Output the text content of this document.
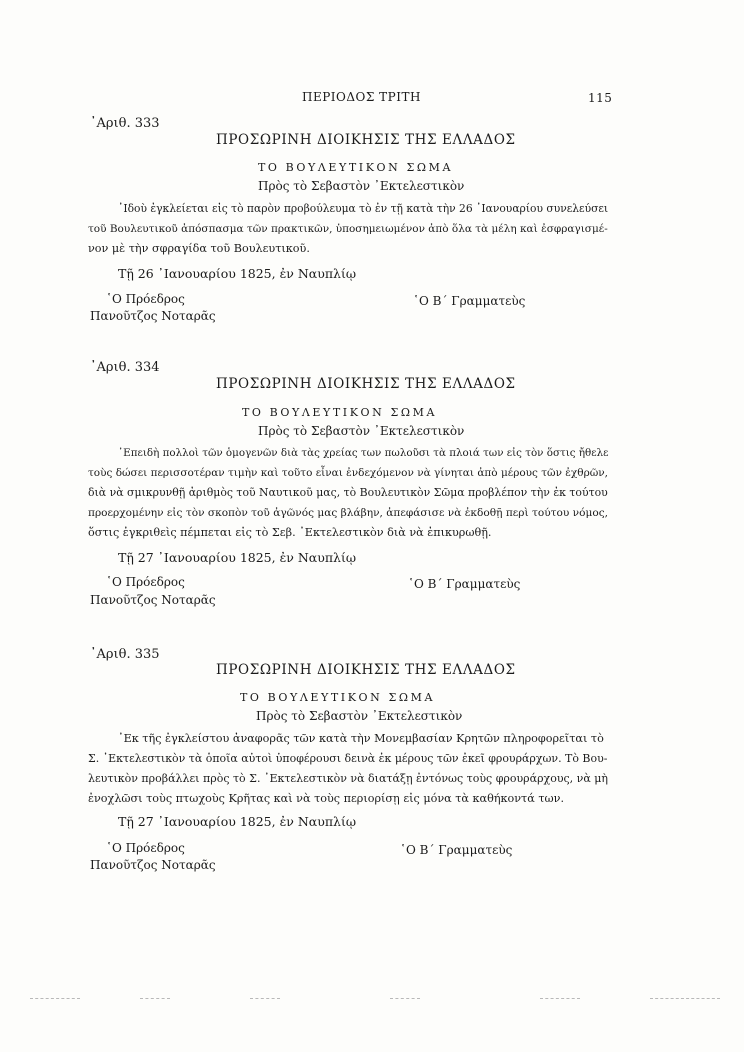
ΠΕΡΙΟΔΟΣ ΤΡΙΤΗ	115
᾿Αριθ. 333
ΠΡΟΣΩΡΙΝΗ ΔΙΟΙΚΗΣΙΣ ΤΗΣ ΕΛΛΑΔΟΣ
ΤΟ ΒΟΥΛΕΥΤΙΚΟΝ ΣΩΜΑ
Πρὸς τὸ Σεβαστὸν ᾿Εκτελεστικὸν
᾿Ιδοὺ ἐγκλείεται εἰς τὸ παρὸν προβούλευμα τὸ ἐν τῇ κατὰ τὴν 26 ᾿Ιανουαρίου συνελεύσει
τοῦ Βουλευτικοῦ ἀπόσπασμα τῶν πρακτικῶν, ὑποσημειωμένον ἀπὸ ὅλα τὰ μέλη καὶ ἐσφραγισμέ-
νον μὲ τὴν σφραγίδα τοῦ Βουλευτικοῦ.
Τῇ 26 ᾿Ιανουαρίου 1825, ἐν Ναυπλίῳ
῾Ο Πρόεδρος
Πανοῦτζος Νοταρᾶς
῾Ο Β´ Γραμματεὺς
᾿Αριθ. 334
ΠΡΟΣΩΡΙΝΗ ΔΙΟΙΚΗΣΙΣ ΤΗΣ ΕΛΛΑΔΟΣ
ΤΟ ΒΟΥΛΕΥΤΙΚΟΝ ΣΩΜΑ
Πρὸς τὸ Σεβαστὸν ᾿Εκτελεστικὸν
᾿Επειδὴ πολλοὶ τῶν ὁμογενῶν διὰ τὰς χρείας των πωλοῦσι τὰ πλοιά των εἰς τὸν ὅστις ἤθελε
τοὺς δώσει περισσοτέραν τιμὴν καὶ τοῦτο εἶναι ἐνδεχόμενον νὰ γίνηται ἀπὸ μέρους τῶν ἐχθρῶν,
διὰ νὰ σμικρυνθῇ ἀριθμὸς τοῦ Ναυτικοῦ μας, τὸ Βουλευτικὸν Σῶμα προβλέπον τὴν ἐκ τούτου
προερχομένην εἰς τὸν σκοπὸν τοῦ ἀγῶνός μας βλάβην, ἀπεφάσισε νὰ ἐκδοθῇ περὶ τούτου νόμος,
ὅστις ἐγκριθεὶς πέμπεται εἰς τὸ Σεβ. ᾿Εκτελεστικὸν διὰ νὰ ἐπικυρωθῇ.
Τῇ 27 ᾿Ιανουαρίου 1825, ἐν Ναυπλίῳ
῾Ο Πρόεδρος
Πανοῦτζος Νοταρᾶς
῾Ο Β´ Γραμματεὺς
᾿Αριθ. 335
ΠΡΟΣΩΡΙΝΗ ΔΙΟΙΚΗΣΙΣ ΤΗΣ ΕΛΛΑΔΟΣ
ΤΟ ΒΟΥΛΕΥΤΙΚΟΝ ΣΩΜΑ
Πρὸς τὸ Σεβαστὸν ᾿Εκτελεστικὸν
᾿Εκ τῆς ἐγκλείστου ἀναφορᾶς τῶν κατὰ τὴν Μονεμβασίαν Κρητῶν πληροφορεῖται τὸ
Σ. ᾿Εκτελεστικὸν τὰ ὁποῖα αὐτοὶ ὑποφέρουσι δεινὰ ἐκ μέρους τῶν ἐκεῖ φρουράρχων. Τὸ Βου-
λευτικὸν προβάλλει πρὸς τὸ Σ. ᾿Εκτελεστικὸν νὰ διατάξῃ ἐντόνως τοὺς φρουράρχους, νὰ μὴ
ἐνοχλῶσι τοὺς πτωχοὺς Κρῆτας καὶ νὰ τοὺς περιορίσῃ εἰς μόνα τὰ καθήκοντά των.
Τῇ 27 ᾿Ιανουαρίου 1825, ἐν Ναυπλίῳ
῾Ο Πρόεδρος
Πανοῦτζος Νοταρᾶς
῾Ο Β´ Γραμματεὺς
